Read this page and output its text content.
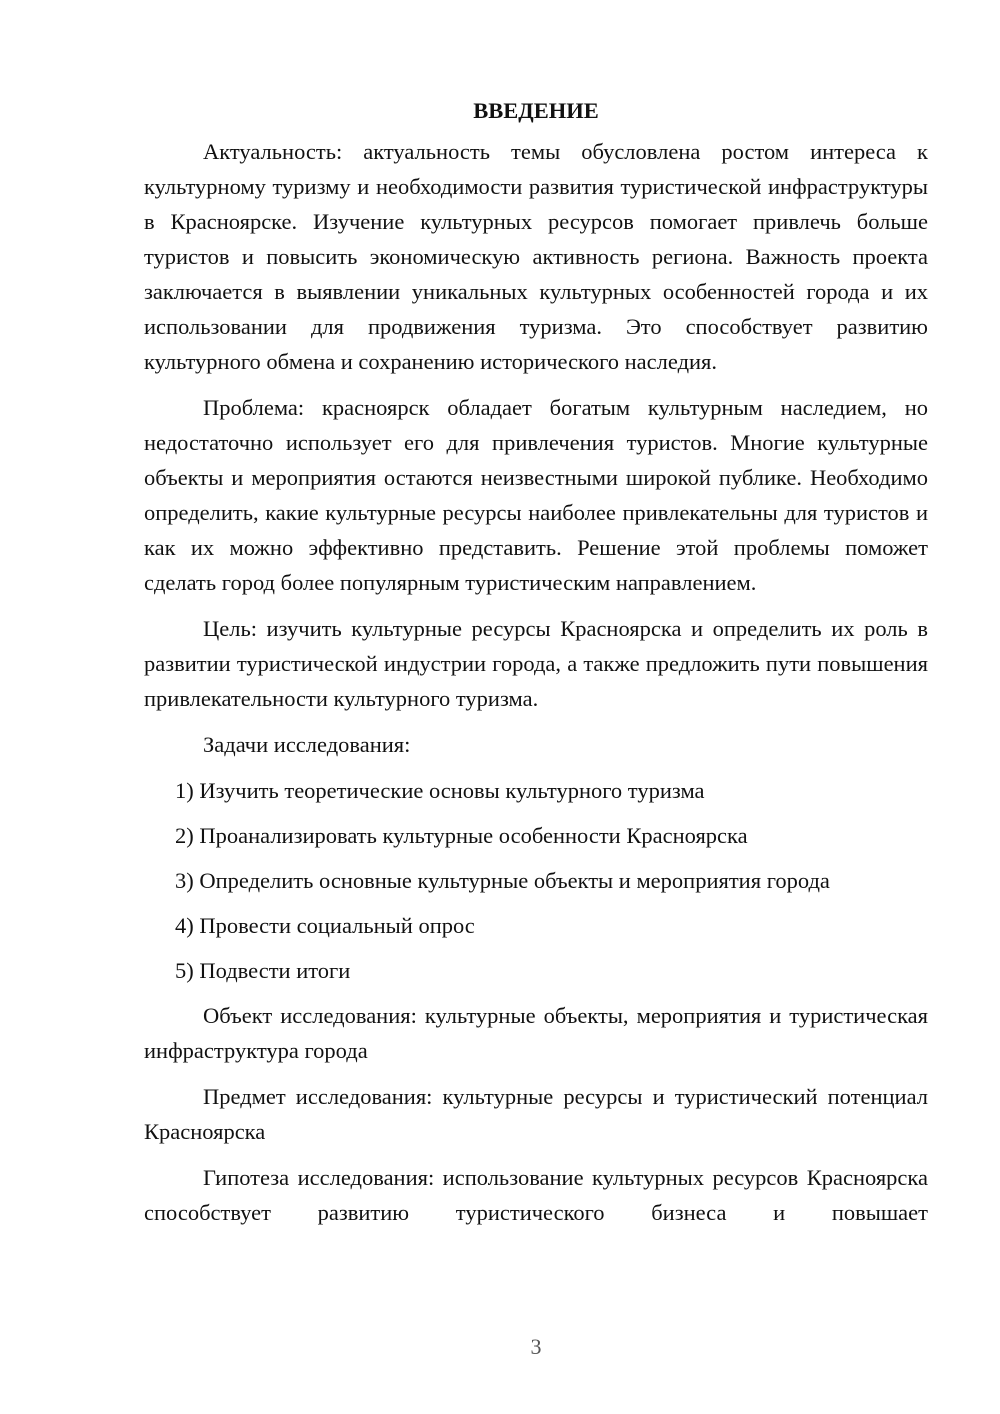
ВВЕДЕНИЕ

Актуальность: актуальность темы обусловлена ростом интереса к культурному туризму и необходимости развития туристической инфраструктуры в Красноярске. Изучение культурных ресурсов помогает привлечь больше туристов и повысить экономическую активность региона. Важность проекта заключается в выявлении уникальных культурных особенностей города и их использовании для продвижения туризма. Это способствует развитию культурного обмена и сохранению исторического наследия.

Проблема: красноярск обладает богатым культурным наследием, но недостаточно использует его для привлечения туристов. Многие культурные объекты и мероприятия остаются неизвестными широкой публике. Необходимо определить, какие культурные ресурсы наиболее привлекательны для туристов и как их можно эффективно представить. Решение этой проблемы поможет сделать город более популярным туристическим направлением.

Цель: изучить культурные ресурсы Красноярска и определить их роль в развитии туристической индустрии города, а также предложить пути повышения привлекательности культурного туризма.

Задачи исследования:

1) Изучить теоретические основы культурного туризма
2) Проанализировать культурные особенности Красноярска
3) Определить основные культурные объекты и мероприятия города
4) Провести социальный опрос
5) Подвести итоги

Объект исследования: культурные объекты, мероприятия и туристическая инфраструктура города

Предмет исследования: культурные ресурсы и туристический потенциал Красноярска

Гипотеза исследования: использование культурных ресурсов Красноярска способствует развитию туристического бизнеса и повышает

3
